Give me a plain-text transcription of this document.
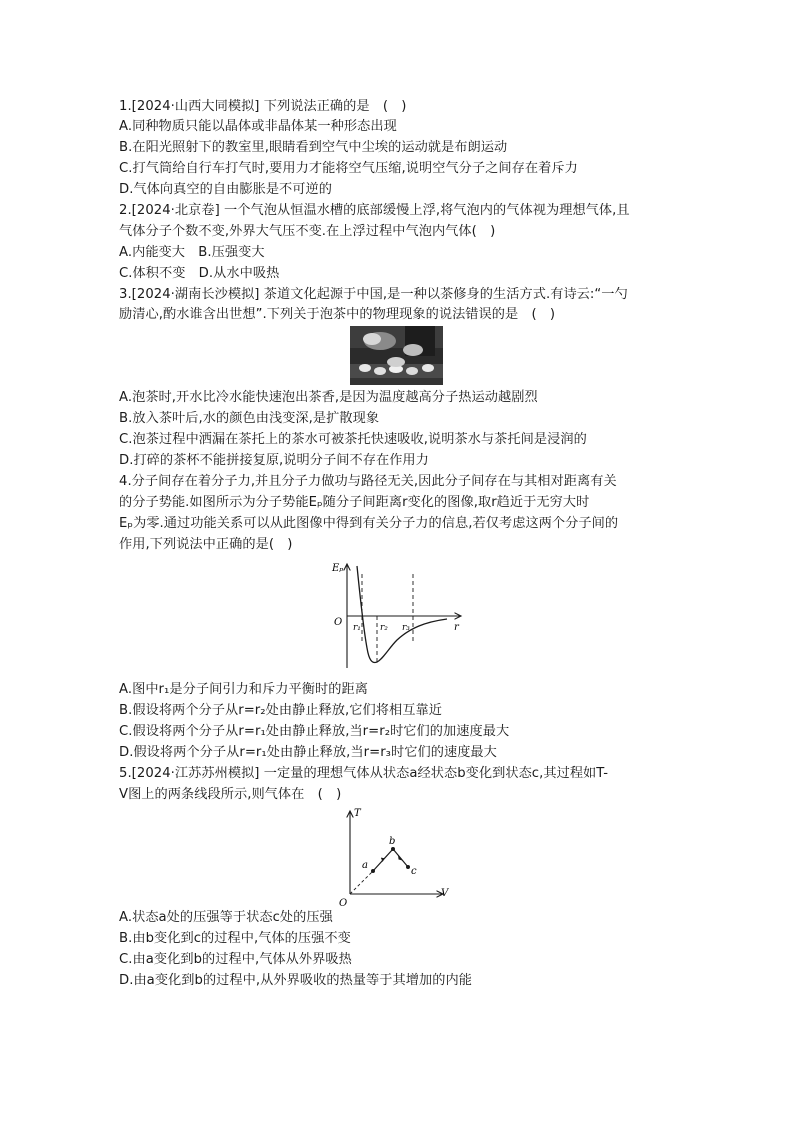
1.[2024·山西大同模拟] 下列说法正确的是　(　)
A.同种物质只能以晶体或非晶体某一种形态出现
B.在阳光照射下的教室里,眼睛看到空气中尘埃的运动就是布朗运动
C.打气筒给自行车打气时,要用力才能将空气压缩,说明空气分子之间存在着斥力
D.气体向真空的自由膨胀是不可逆的
2.[2024·北京卷] 一个气泡从恒温水槽的底部缓慢上浮,将气泡内的气体视为理想气体,且
气体分子个数不变,外界大气压不变.在上浮过程中气泡内气体(　)
A.内能变大　B.压强变大
C.体积不变　D.从水中吸热
3.[2024·湖南长沙模拟] 茶道文化起源于中国,是一种以茶修身的生活方式.有诗云:“一勺
励清心,酌水谁含出世想”.下列关于泡茶中的物理现象的说法错误的是　(　)
A.泡茶时,开水比冷水能快速泡出茶香,是因为温度越高分子热运动越剧烈
B.放入茶叶后,水的颜色由浅变深,是扩散现象
C.泡茶过程中洒漏在茶托上的茶水可被茶托快速吸收,说明茶水与茶托间是浸润的
D.打碎的茶杯不能拼接复原,说明分子间不存在作用力
4.分子间存在着分子力,并且分子力做功与路径无关,因此分子间存在与其相对距离有关
的分子势能.如图所示为分子势能Eₚ随分子间距离r变化的图像,取r趋近于无穷大时
Eₚ为零.通过功能关系可以从此图像中得到有关分子力的信息,若仅考虑这两个分子间的
作用,下列说法中正确的是(　)
Eₚ
r
O r₁ r₂ r₃
A.图中r₁是分子间引力和斥力平衡时的距离
B.假设将两个分子从r=r₂处由静止释放,它们将相互靠近
C.假设将两个分子从r=r₁处由静止释放,当r=r₂时它们的加速度最大
D.假设将两个分子从r=r₁处由静止释放,当r=r₃时它们的速度最大
5.[2024·江苏苏州模拟] 一定量的理想气体从状态a经状态b变化到状态c,其过程如T-
V图上的两条线段所示,则气体在　(　)
T
V
O
a
b
c
A.状态a处的压强等于状态c处的压强
B.由b变化到c的过程中,气体的压强不变
C.由a变化到b的过程中,气体从外界吸热
D.由a变化到b的过程中,从外界吸收的热量等于其增加的内能
